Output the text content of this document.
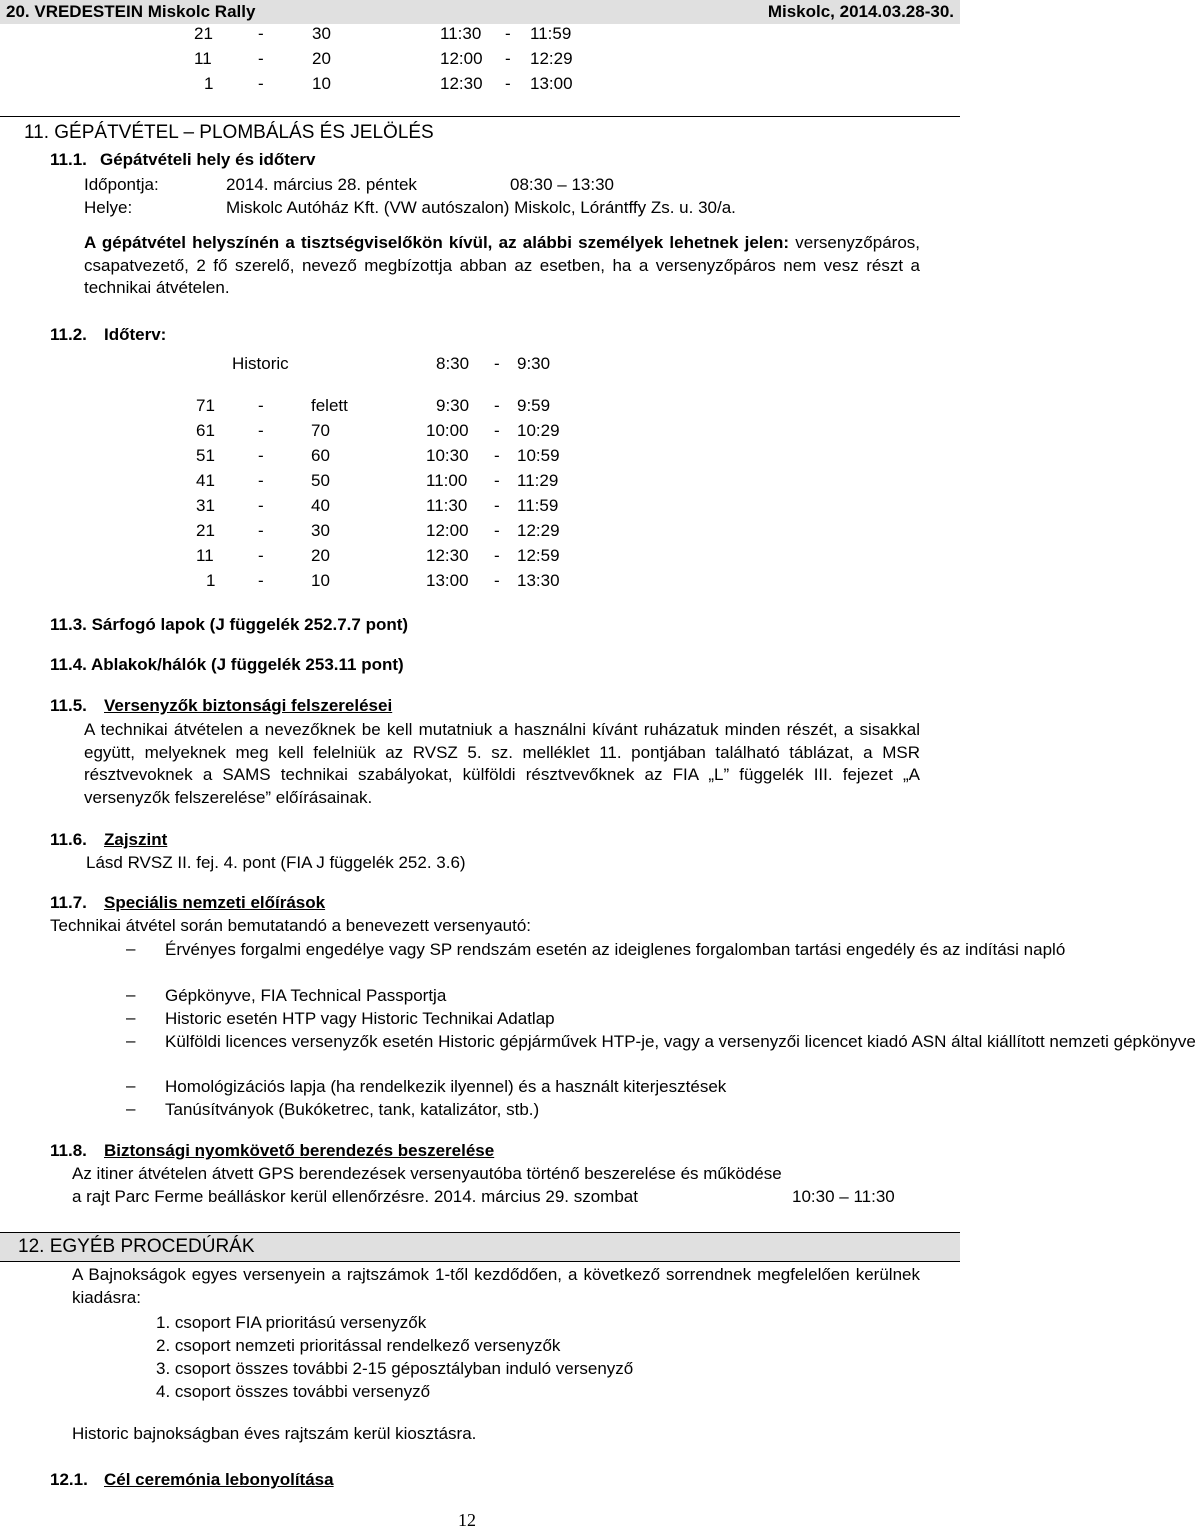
20. VREDESTEIN Miskolc Rally	Miskolc, 2014.03.28-30.
21	-	30	11:30 - 11:59
11	-	20	12:00 - 12:29
1	-	10	12:30 - 13:00
11. GÉPÁTVÉTEL – PLOMBÁLÁS ÉS JELÖLÉS
11.1. Gépátvételi hely és időterv
Időpontja:	2014. március 28. péntek	08:30 – 13:30
Helye:	Miskolc Autóház Kft. (VW autószalon) Miskolc, Lórántffy Zs. u. 30/a.
A gépátvétel helyszínén a tisztségviselőkön kívül, az alábbi személyek lehetnek jelen: versenyzőpáros, csapatvezető, 2 fő szerelő, nevező megbízottja abban az esetben, ha a versenyzőpáros nem vesz részt a technikai átvételen.
11.2. Időterv:
Historic	8:30 - 9:30
71	-	felett	9:30 - 9:59
61	-	70	10:00 - 10:29
51	-	60	10:30 - 10:59
41	-	50	11:00 - 11:29
31	-	40	11:30 - 11:59
21	-	30	12:00 - 12:29
11	-	20	12:30 - 12:59
1	-	10	13:00 - 13:30
11.3. Sárfogó lapok (J függelék 252.7.7 pont)
11.4. Ablakok/hálók (J függelék 253.11 pont)
11.5. Versenyzők biztonsági felszerelései
A technikai átvételen a nevezőknek be kell mutatniuk a használni kívánt ruházatuk minden részét, a sisakkal együtt, melyeknek meg kell felelniük az RVSZ 5. sz. melléklet 11. pontjában található táblázat, a MSR résztvevoknek a SAMS technikai szabályokat, külföldi résztvevőknek az FIA „L” függelék III. fejezet „A versenyzők felszerelése” előírásainak.
11.6. Zajszint
Lásd RVSZ II. fej. 4. pont (FIA J függelék 252. 3.6)
11.7. Speciális nemzeti előírások
Technikai átvétel során bemutatandó a benevezett versenyautó:
– Érvényes forgalmi engedélye vagy SP rendszám esetén az ideiglenes forgalomban tartási engedély és az indítási napló
– Gépkönyve, FIA Technical Passportja
– Historic esetén HTP vagy Historic Technikai Adatlap
– Külföldi licences versenyzők esetén Historic gépjárművek HTP-je, vagy a versenyzői licencet kiadó ASN által kiállított nemzeti gépkönyve
– Homológizációs lapja (ha rendelkezik ilyennel) és a használt kiterjesztések
– Tanúsítványok (Bukóketrec, tank, katalizátor, stb.)
11.8. Biztonsági nyomkövető berendezés beszerelése
Az itiner átvételen átvett GPS berendezések versenyautóba történő beszerelése és működése
a rajt Parc Ferme beálláskor kerül ellenőrzésre. 2014. március 29. szombat	10:30 – 11:30
12. EGYÉB PROCEDÚRÁK
A Bajnokságok egyes versenyein a rajtszámok 1-től kezdődően, a következő sorrendnek megfelelően kerülnek kiadásra:
1. csoport FIA prioritású versenyzők
2. csoport nemzeti prioritással rendelkező versenyzők
3. csoport összes további 2-15 géposztályban induló versenyző
4. csoport összes további versenyző
Historic bajnokságban éves rajtszám kerül kiosztásra.
12.1. Cél ceremónia lebonyolítása
12
